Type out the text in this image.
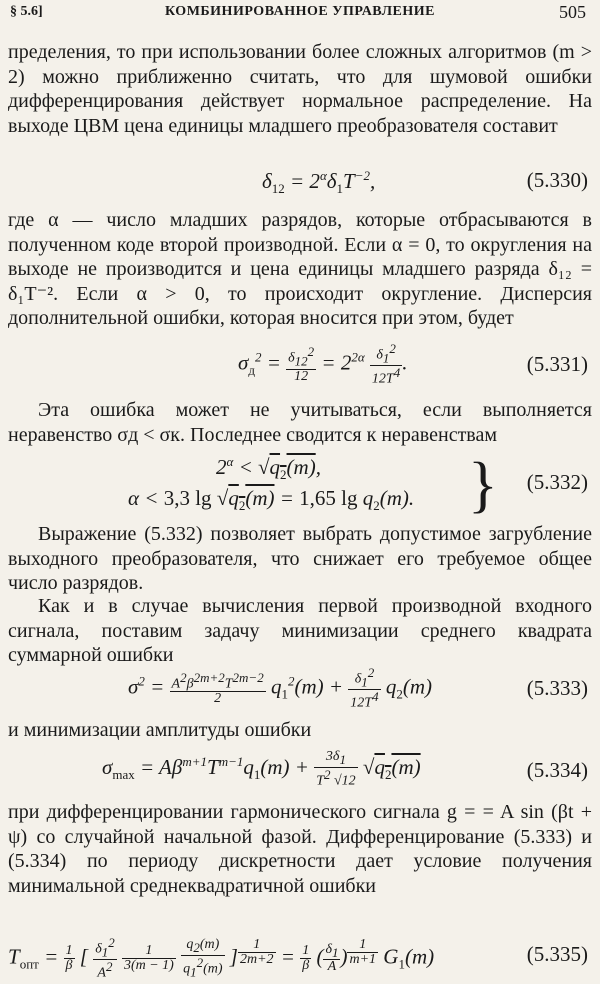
§ 5.6]	КОМБИНИРОВАННОЕ УПРАВЛЕНИЕ	505
пределения, то при использовании более сложных алгоритмов (m > 2) можно приближенно считать, что для шумовой ошибки дифференцирования действует нормальное распределение. На выходе ЦВМ цена единицы младшего преобразователя составит
$\delta_{12} = 2^\alpha\delta_1T^{-2}$,	(5.330)
где α — число младших разрядов, которые отбрасываются в полученном коде второй производной. Если α = 0, то округления на выходе не производится и цена единицы младшего разряда δ₁₂ = δ₁T⁻². Если α > 0, то происходит округление. Дисперсия дополнительной ошибки, которая вносится при этом, будет
$\sigma_д^2 = \frac{\delta_{12}^2}{12} = 2^{2\alpha} \frac{\delta_1^2}{12T^4}$ .	(5.331)
Эта ошибка может не учитываться, если выполняется неравенство σд < σк. Последнее сводится к неравенствам
$2^\alpha < √q_2(m)$,
α < 3,3 $\lg √q_2(m) = 1,65$ $\lg q_2(m)$. } (5.332)
Выражение (5.332) позволяет выбрать допустимое загрубление выходного преобразователя, что снижает его требуемое общее число разрядов.
Как и в случае вычисления первой производной входного сигнала, поставим задачу минимизации среднего квадрата суммарной ошибки
$\sigma^2 = \frac{A^2\beta^{2m+2}T^{2m-2}}{2} q_1^2(m) + \frac{\delta_1^2}{12T^4} q_2(m)$	(5.333)
и минимизации амплитуды ошибки
$\sigma_{max} = A\beta^{m+1}T^{m-1}q_1(m) + \frac{3\delta_1}{T^2 √12} √q_2(m)$	(5.334)
при дифференцировании гармонического сигнала g = = A sin (βt + ψ) со случайной начальной фазой. Дифференцирование (5.333) и (5.334) по периоду дискретности дает условие получения минимальной среднеквадратичной ошибки
$T_{опт} = \frac{1}{\beta}$ [ $\frac{\delta_1^2}{A^2}$
$\frac{1}{3(m - 1)}$
$\frac{q_2(m)}{q_1^2(m)}$ ] $^{\frac{1}{2m+2}} = \frac{1}{\beta}$ ( $\frac{\delta_1}{A}$ ) $^{\frac{1}{m+1}}$ $G_1(m)$	(5.335)
